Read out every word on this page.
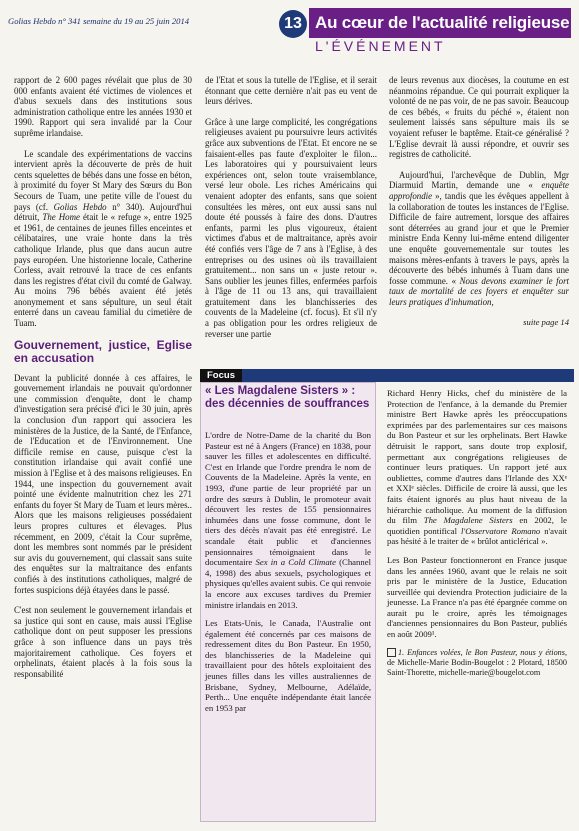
Golias Hebdo n° 341 semaine du 19 au 25 juin 2014	13 Au cœur de l'actualité religieuse
L'ÉVÉNEMENT

rapport de 2 600 pages révélait que plus de 30 000 enfants avaient été victimes de violences et d'abus sexuels dans des institutions sous administration catholique entre les années 1930 et 1990. Rapport qui sera invalidé par la Cour suprême irlandaise.

Le scandale des expérimentations de vaccins intervient après la découverte de près de huit cents squelettes de bébés dans une fosse en béton, à proximité du foyer St Mary des Sœurs du Bon Secours de Tuam, une petite ville de l'ouest du pays (cf. Golias Hebdo n° 340). Aujourd'hui détruit, The Home était le « refuge », entre 1925 et 1961, de centaines de jeunes filles enceintes et célibataires, une vraie honte dans la très catholique Irlande, plus que dans aucun autre pays européen. Une historienne locale, Catherine Corless, avait retrouvé la trace de ces enfants dans les registres d'état civil du comté de Galway. Au moins 796 bébés avaient été jetés anonymement et sans sépulture, un seul était enterré dans un caveau familial du cimetière de Tuam.

Gouvernement, justice, Eglise en accusation

Devant la publicité donnée à ces affaires, le gouvernement irlandais ne pouvait qu'ordonner une commission d'enquête, dont le champ d'investigation sera précisé d'ici le 30 juin, après la conclusion d'un rapport qui associera les ministères de la Justice, de la Santé, de l'Enfance, de l'Education et de l'Environnement. Une difficile remise en cause, puisque c'est la constitution irlandaise qui avait confié une mission à l'Eglise et à des maisons religieuses. En 1944, une inspection du gouvernement avait pointé une évidente malnutrition chez les 271 enfants du foyer St Mary de Tuam et leurs mères.. Alors que les maisons religieuses possédaient leurs propres cultures et élevages. Plus récemment, en 2009, c'était la Cour suprême, dont les membres sont nommés par le président sur avis du gouvernement, qui classait sans suite des enquêtes sur la maltraitance des enfants confiés à des institutions catholiques, malgré de fortes suspicions déjà étayées dans le passé.

C'est non seulement le gouvernement irlandais et sa justice qui sont en cause, mais aussi l'Eglise catholique dont on peut supposer les pressions grâce à son influence dans un pays très majoritairement catholique. Ces foyers et orphelinats, étaient placés à la fois sous la responsabilité

de l'Etat et sous la tutelle de l'Eglise, et il serait étonnant que cette dernière n'ait pas eu vent de leurs dérives.

Grâce à une large complicité, les congrégations religieuses avaient pu poursuivre leurs activités grâce aux subventions de l'Etat. Et encore ne se faisaient-elles pas faute d'exploiter le filon... Les laboratoires qui y poursuivaient leurs expériences ont, selon toute vraisemblance, versé leur obole. Les riches Américains qui venaient adopter des enfants, sans que soient consultées les mères, ont eux aussi sans nul doute été poussés à faire des dons. D'autres enfants, parmi les plus vigoureux, étaient victimes d'abus et de maltraitance, après avoir été confiés vers l'âge de 7 ans à l'Eglise, à des entreprises ou des usines où ils travaillaient gratuitement... non sans un « juste retour ». Sans oublier les jeunes filles, enfermées parfois à l'âge de 11 ou 13 ans, qui travaillaient gratuitement dans les blanchisseries des couvents de la Madeleine (cf. focus). Et s'il n'y a pas obligation pour les ordres religieux de reverser une partie

de leurs revenus aux diocèses, la coutume en est néanmoins répandue. Ce qui pourrait expliquer la volonté de ne pas voir, de ne pas savoir. Beaucoup de ces bébés, « fruits du péché », étaient non seulement laissés sans sépulture mais ils se voyaient refuser le baptême. Etait-ce généralisé ? L'Eglise devrait là aussi répondre, et ouvrir ses registres de catholicité.

Aujourd'hui, l'archevêque de Dublin, Mgr Diarmuid Martin, demande une « enquête approfondie », tandis que les évêques appellent à la collaboration de toutes les instances de l'Eglise. Difficile de faire autrement, lorsque des affaires sont déterrées au grand jour et que le Premier ministre Enda Kenny lui-même entend diligenter une enquête gouvernementale sur toutes les maisons mères-enfants à travers le pays, après la découverte des bébés inhumés à Tuam dans une fosse commune. « Nous devons examiner le fort taux de mortalité de ces foyers et enquêter sur leurs pratiques d'inhumation,

suite page 14
Focus
« Les Magdalene Sisters » :
des décennies de souffrances

L'ordre de Notre-Dame de la charité du Bon Pasteur est né à Angers (France) en 1838, pour sauver les filles et adolescentes en difficulté. C'est en Irlande que l'ordre prendra le nom de Couvents de la Madeleine. Après la vente, en 1993, d'une partie de leur propriété par un ordre des sœurs à Dublin, le promoteur avait découvert les restes de 155 pensionnaires inhumées dans une fosse commune, dont le tiers des décès n'avait pas été enregistré. Le scandale était public et d'anciennes pensionnaires témoignaient dans le documentaire Sex in a Cold Climate (Channel 4, 1998) des abus sexuels, psychologiques et physiques qu'elles avaient subis. Ce qui renvoie la encore aux excuses tardives du Premier ministre irlandais en 2013.

Les Etats-Unis, le Canada, l'Australie ont également été concernés par ces maisons de redressement dites du Bon Pasteur. En 1950, des blanchisseries de la Madeleine qui travaillaient pour des hôtels exploitaient des jeunes filles dans les villes australiennes de Brisbane, Sydney, Melbourne, Adélaïde, Perth... Une enquête indépendante était lancée en 1953 par

Richard Henry Hicks, chef du ministère de la Protection de l'enfance, à la demande du Premier ministre Bert Hawke après les préoccupations exprimées par des parlementaires sur ces maisons du Bon Pasteur et sur les orphelinats. Bert Hawke détruisit le rapport, sans doute trop explosif, permettant aux congrégations religieuses de continuer leurs pratiques. Un rapport jeté aux oubliettes, comme d'autres dans l'Irlande des XXᵉ et XXIᵉ siècles. Difficile de croire là aussi, que les faits étaient ignorés au plus haut niveau de la hiérarchie catholique. Au moment de la diffusion du film The Magdalene Sisters en 2002, le quotidien pontifical l'Osservatore Romano n'avait pas hésité à le traiter de « brûlot anticlérical ».

Les Bon Pasteur fonctionneront en France jusque dans les années 1960, avant que le relais ne soit pris par le ministère de la Justice, Education surveillée qui deviendra Protection judiciaire de la jeunesse. La France n'a pas été épargnée comme on aurait pu le croire, après les témoignages d'anciennes pensionnaires du Bon Pasteur, publiés en août 2009¹.

1. Enfances volées, le Bon Pasteur, nous y étions, de Michelle-Marie Bodin-Bougelot : 2 Plotard, 18500 Saint-Thorette, michelle-marie@bougelot.com
